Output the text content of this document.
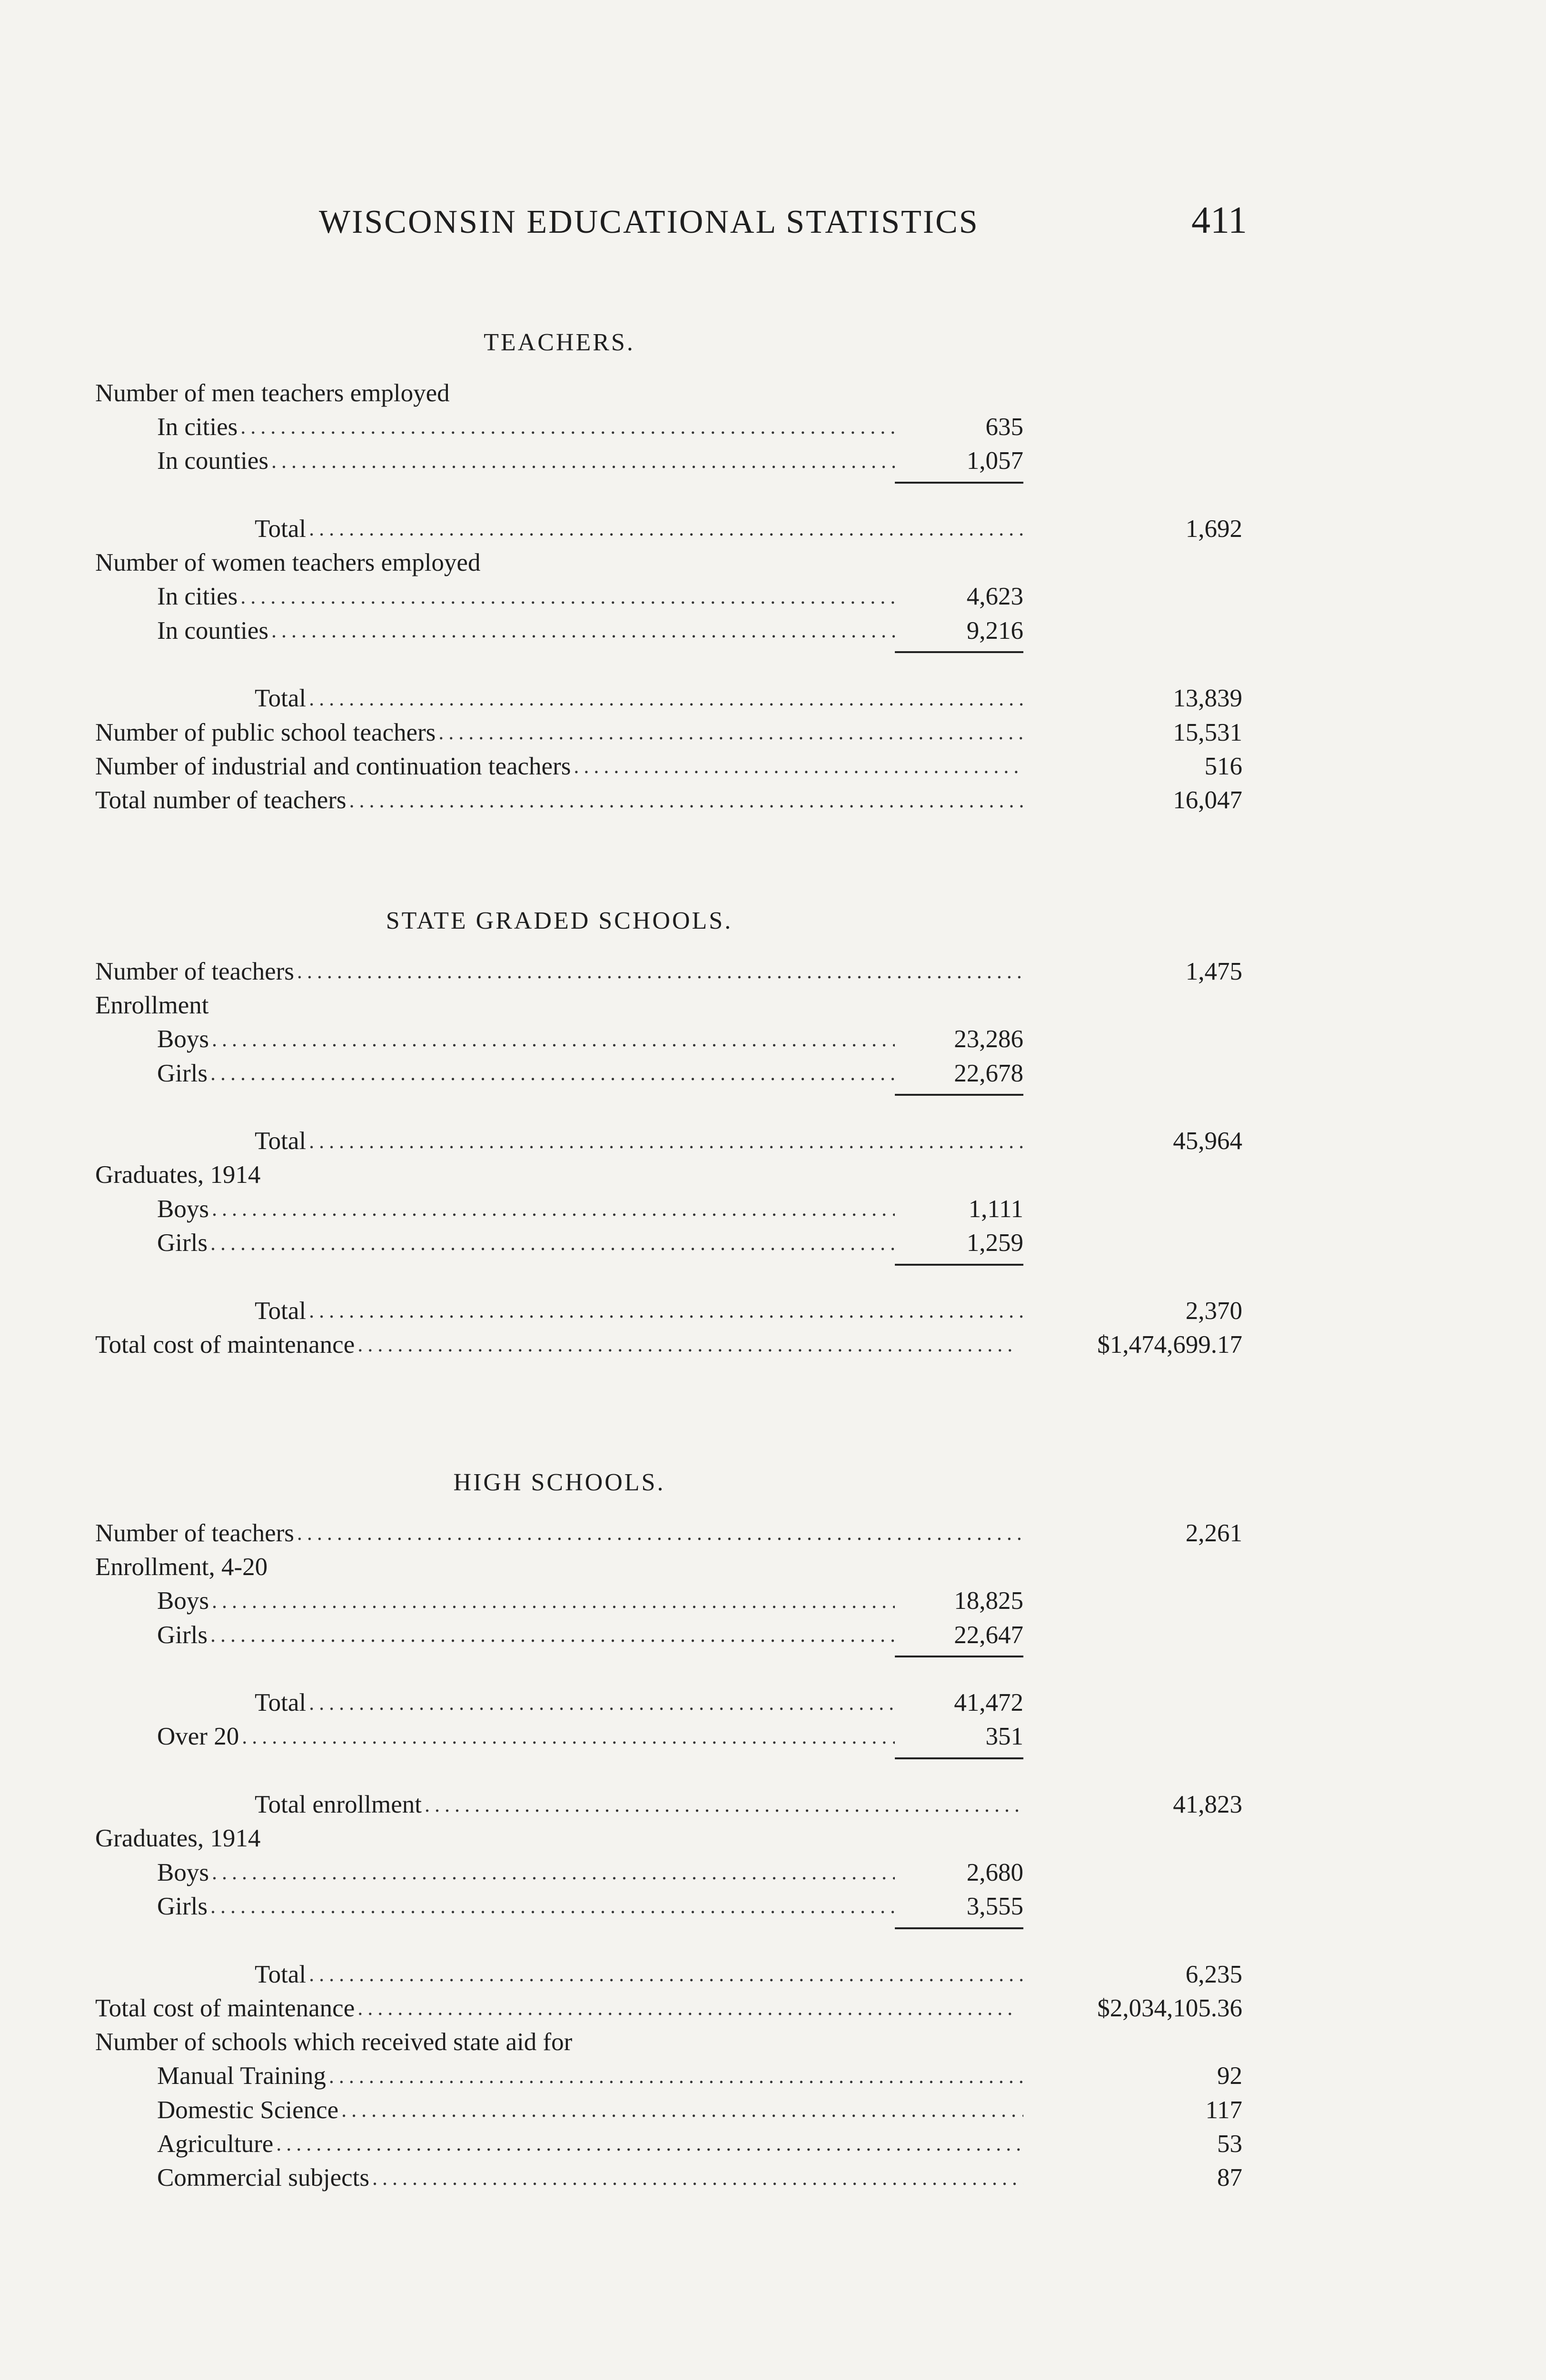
WISCONSIN EDUCATIONAL STATISTICS	411
TEACHERS.
Number of men teachers employed
In cities .....	635
In counties .....	1,057
Total .....	1,692
Number of women teachers employed
In cities .....	4,623
In counties .....	9,216
Total .....	13,839
Number of public school teachers .....	15,531
Number of industrial and continuation teachers .....	516
Total number of teachers .....	16,047
STATE GRADED SCHOOLS.
Number of teachers .....	1,475
Enrollment
Boys .....	23,286
Girls .....	22,678
Total .....	45,964
Graduates, 1914
Boys .....	1,111
Girls .....	1,259
Total .....	2,370
Total cost of maintenance .....	$1,474,699.17
HIGH SCHOOLS.
Number of teachers .....	2,261
Enrollment, 4-20
Boys .....	18,825
Girls .....	22,647
Total .....	41,472
Over 20 .....	351
Total enrollment .....	41,823
Graduates, 1914
Boys .....	2,680
Girls .....	3,555
Total .....	6,235
Total cost of maintenance .....	$2,034,105.36
Number of schools which received state aid for
Manual Training .....	92
Domestic Science .....	117
Agriculture .....	53
Commercial subjects .....	87
